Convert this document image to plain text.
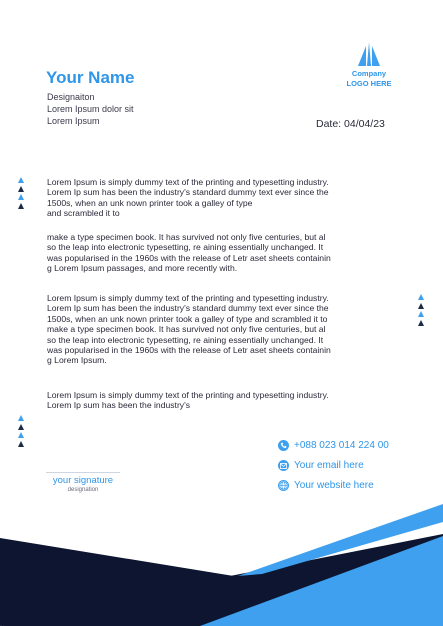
Your Name
Designaiton
Lorem Ipsum dolor sit
Lorem Ipsum
Company
LOGO HERE
Date: 04/04/23
Lorem Ipsum is simply dummy text of the printing and typesetting industry.
Lorem Ip sum has been the industry's standard dummy text ever since the
1500s, when an unk nown printer took a galley of type
and scrambled it to
make a type specimen book. It has survived not only five centuries, but al
so the leap into electronic typesetting, re aining essentially unchanged. It
was popularised in the 1960s with the release of Letr aset sheets containin
g Lorem Ipsum passages, and more recently with.
Lorem Ipsum is simply dummy text of the printing and typesetting industry.
Lorem Ip sum has been the industry's standard dummy text ever since the
1500s, when an unk nown printer took a galley of type and scrambled it to
make a type specimen book. It has survived not only five centuries, but al
so the leap into electronic typesetting, re aining essentially unchanged. It
was popularised in the 1960s with the release of Letr aset sheets containin
g Lorem Ipsum.
Lorem Ipsum is simply dummy text of the printing and typesetting industry.
Lorem Ip sum has been the industry's
your signature
designation
+088 023 014 224 00
Your email here
Your website here
